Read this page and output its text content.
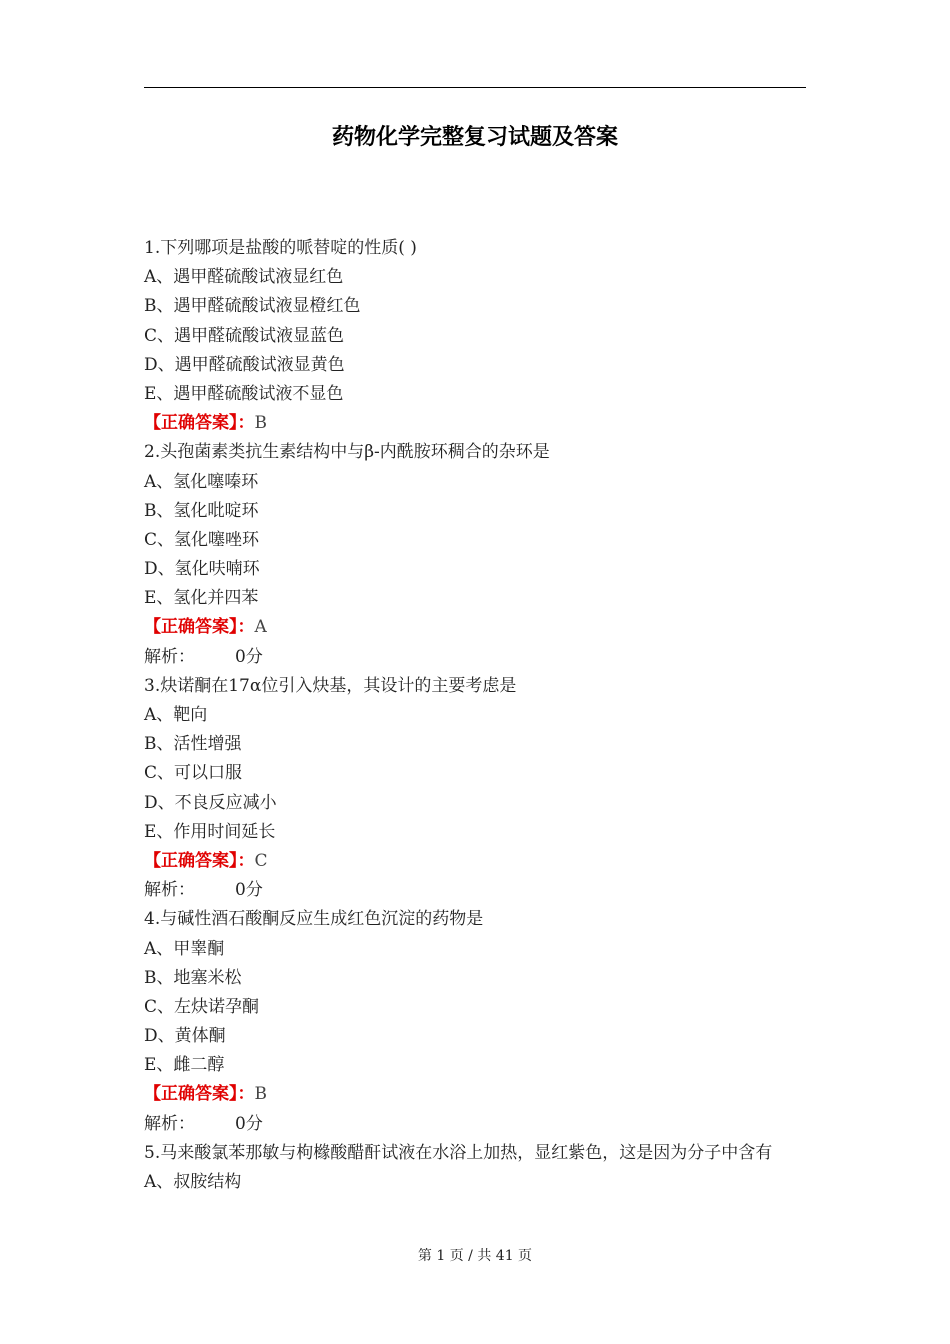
药物化学完整复习试题及答案
1.下列哪项是盐酸的哌替啶的性质( )
A、遇甲醛硫酸试液显红色
B、遇甲醛硫酸试液显橙红色
C、遇甲醛硫酸试液显蓝色
D、遇甲醛硫酸试液显黄色
E、遇甲醛硫酸试液不显色
【正确答案】：B
2.头孢菌素类抗生素结构中与β-内酰胺环稠合的杂环是
A、氢化噻嗪环
B、氢化吡啶环
C、氢化噻唑环
D、氢化呋喃环
E、氢化并四苯
【正确答案】：A
解析： 0分
3.炔诺酮在17α位引入炔基，其设计的主要考虑是
A、靶向
B、活性增强
C、可以口服
D、不良反应减小
E、作用时间延长
【正确答案】：C
解析： 0分
4.与碱性酒石酸酮反应生成红色沉淀的药物是
A、甲睾酮
B、地塞米松
C、左炔诺孕酮
D、黄体酮
E、雌二醇
【正确答案】：B
解析： 0分
5.马来酸氯苯那敏与枸橼酸醋酐试液在水浴上加热，显红紫色，这是因为分子中含有
A、叔胺结构
第 1 页 / 共 41 页
